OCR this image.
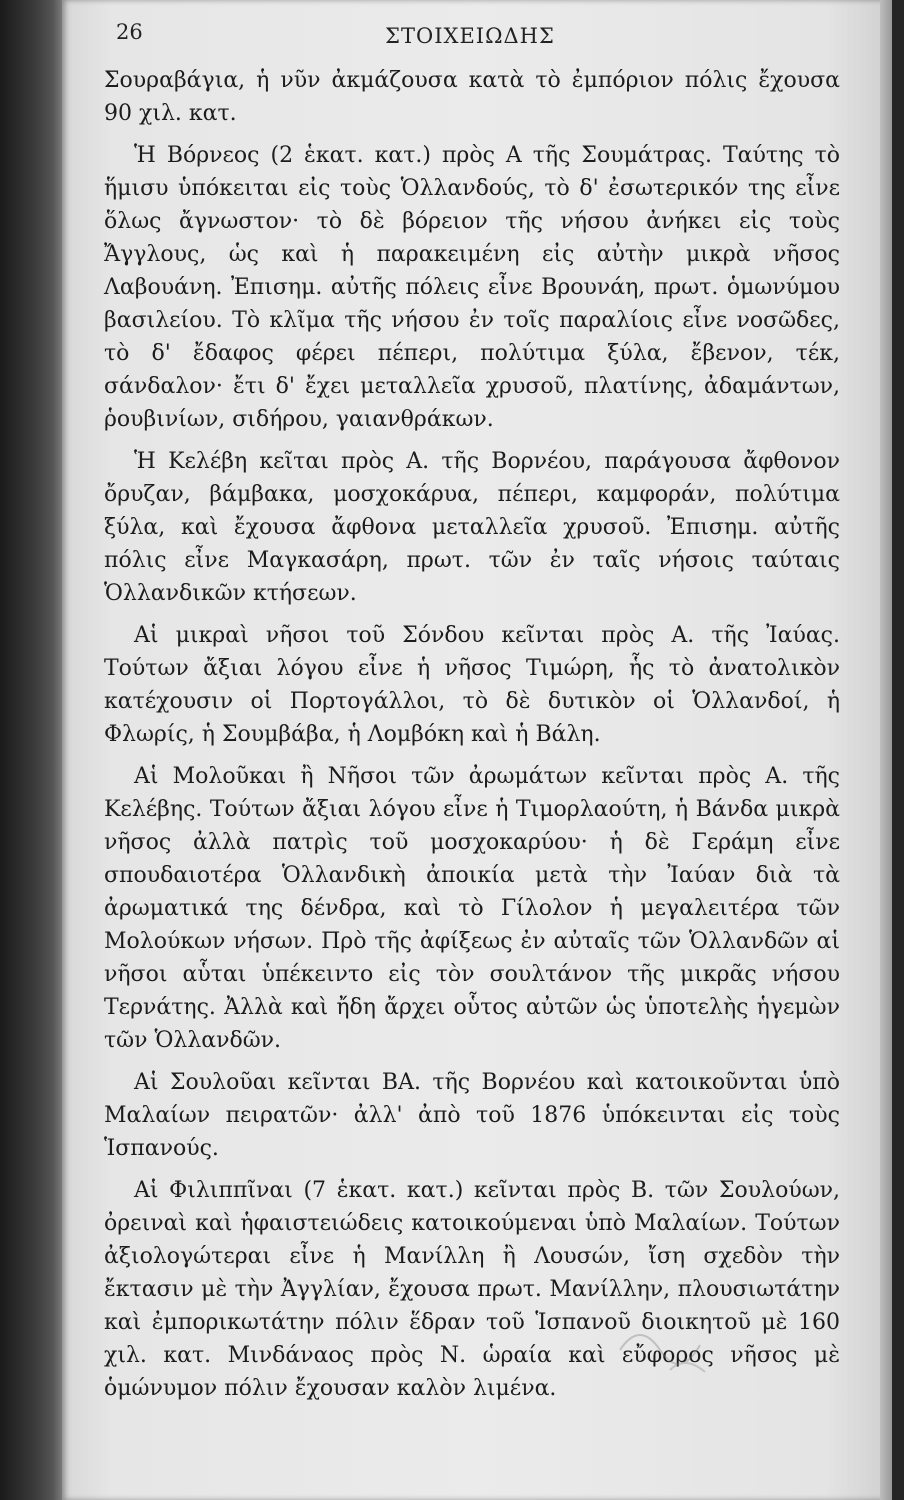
26	ΣΤΟΙΧΕΙΩΔΗΣ

Σουραβάγια, ἡ νῦν ἀκμάζουσα κατὰ τὸ ἐμπόριον πόλις ἔχουσα 90 χιλ. κατ.

Ἡ Βόρνεος (2 ἑκατ. κατ.) πρὸς Α τῆς Σουμάτρας. Ταύτης τὸ ἥμισυ ὑπόκειται εἰς τοὺς Ὁλλανδούς, τὸ δ' ἐσωτερικόν της εἶνε ὅλως ἄγνωστον· τὸ δὲ βόρειον τῆς νήσου ἀνήκει εἰς τοὺς Ἄγγλους, ὡς καὶ ἡ παρακειμένη εἰς αὐτὴν μικρὰ νῆσος Λαβουάνη. Ἐπισημ. αὐτῆς πόλεις εἶνε Βρουνάη, πρωτ. ὁμωνύμου βασιλείου. Τὸ κλῖμα τῆς νήσου ἐν τοῖς παραλίοις εἶνε νοσῶδες, τὸ δ' ἔδαφος φέρει πέπερι, πολύτιμα ξύλα, ἔβενον, τέκ, σάνδαλον· ἔτι δ' ἔχει μεταλλεῖα χρυσοῦ, πλατίνης, ἀδαμάντων, ῥουβινίων, σιδήρου, γαιανθράκων.

Ἡ Κελέβη κεῖται πρὸς Α. τῆς Βορνέου, παράγουσα ἄφθονον ὄρυζαν, βάμβακα, μοσχοκάρυα, πέπερι, καμφοράν, πολύτιμα ξύλα, καὶ ἔχουσα ἄφθονα μεταλλεῖα χρυσοῦ. Ἐπισημ. αὐτῆς πόλις εἶνε Μαγκασάρη, πρωτ. τῶν ἐν ταῖς νήσοις ταύταις Ὁλλανδικῶν κτήσεων.

Αἱ μικραὶ νῆσοι τοῦ Σόνδου κεῖνται πρὸς Α. τῆς Ἰαύας. Τούτων ἄξιαι λόγου εἶνε ἡ νῆσος Τιμώρη, ἧς τὸ ἀνατολικὸν κατέχουσιν οἱ Πορτογάλλοι, τὸ δὲ δυτικὸν οἱ Ὁλλανδοί, ἡ Φλωρίς, ἡ Σουμβάβα, ἡ Λομβόκη καὶ ἡ Βάλη.

Αἱ Μολοῦκαι ἢ Νῆσοι τῶν ἀρωμάτων κεῖνται πρὸς Α. τῆς Κελέβης. Τούτων ἄξιαι λόγου εἶνε ἡ Τιμορλαούτη, ἡ Βάνδα μικρὰ νῆσος ἀλλὰ πατρὶς τοῦ μοσχοκαρύου· ἡ δὲ Γεράμη εἶνε σπουδαιοτέρα Ὁλλανδικὴ ἀποικία μετὰ τὴν Ἰαύαν διὰ τὰ ἀρωματικά της δένδρα, καὶ τὸ Γίλολον ἡ μεγαλειτέρα τῶν Μολούκων νήσων. Πρὸ τῆς ἀφίξεως ἐν αὐταῖς τῶν Ὁλλανδῶν αἱ νῆσοι αὗται ὑπέκειντο εἰς τὸν σουλτάνον τῆς μικρᾶς νήσου Τερνάτης. Ἀλλὰ καὶ ἤδη ἄρχει οὗτος αὐτῶν ὡς ὑποτελὴς ἡγεμὼν τῶν Ὁλλανδῶν.

Αἱ Σουλοῦαι κεῖνται ΒΑ. τῆς Βορνέου καὶ κατοικοῦνται ὑπὸ Μαλαίων πειρατῶν· ἀλλ' ἀπὸ τοῦ 1876 ὑπόκεινται εἰς τοὺς Ἱσπανούς.

Αἱ Φιλιππῖναι (7 ἑκατ. κατ.) κεῖνται πρὸς Β. τῶν Σουλούων, ὀρειναὶ καὶ ἡφαιστειώδεις κατοικούμεναι ὑπὸ Μαλαίων. Τούτων ἀξιολογώτεραι εἶνε ἡ Μανίλλη ἢ Λουσών, ἴση σχεδὸν τὴν ἔκτασιν μὲ τὴν Ἀγγλίαν, ἔχουσα πρωτ. Μανίλλην, πλουσιωτάτην καὶ ἐμπορικωτάτην πόλιν ἕδραν τοῦ Ἱσπανοῦ διοικητοῦ μὲ 160 χιλ. κατ. Μινδάναος πρὸς Ν. ὡραία καὶ εὔφορος νῆσος μὲ ὁμώνυμον πόλιν ἔχουσαν καλὸν λιμένα.
